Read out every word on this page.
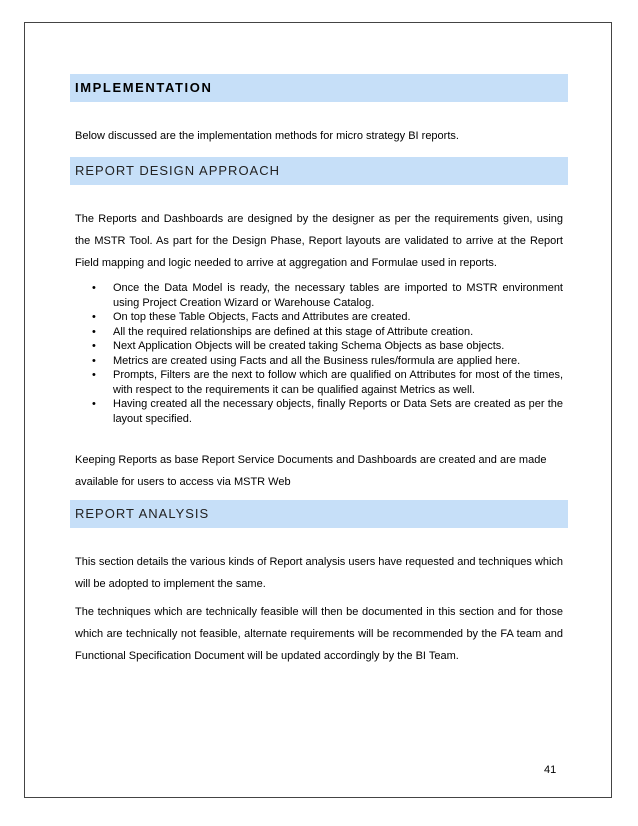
IMPLEMENTATION
Below discussed are the implementation methods for micro strategy BI reports.
REPORT DESIGN APPROACH
The Reports and Dashboards are designed by the designer as per the requirements given, using the MSTR Tool. As part for the Design Phase, Report layouts are validated to arrive at the Report Field mapping and logic needed to arrive at aggregation and Formulae used in reports.
• Once the Data Model is ready, the necessary tables are imported to MSTR environment using Project Creation Wizard or Warehouse Catalog.
• On top these Table Objects, Facts and Attributes are created.
• All the required relationships are defined at this stage of Attribute creation.
• Next Application Objects will be created taking Schema Objects as base objects.
• Metrics are created using Facts and all the Business rules/formula are applied here.
• Prompts, Filters are the next to follow which are qualified on Attributes for most of the times, with respect to the requirements it can be qualified against Metrics as well.
• Having created all the necessary objects, finally Reports or Data Sets are created as per the layout specified.
Keeping Reports as base Report Service Documents and Dashboards are created and are made available for users to access via MSTR Web
REPORT ANALYSIS
This section details the various kinds of Report analysis users have requested and techniques which will be adopted to implement the same.
The techniques which are technically feasible will then be documented in this section and for those which are technically not feasible, alternate requirements will be recommended by the FA team and Functional Specification Document will be updated accordingly by the BI Team.
41
